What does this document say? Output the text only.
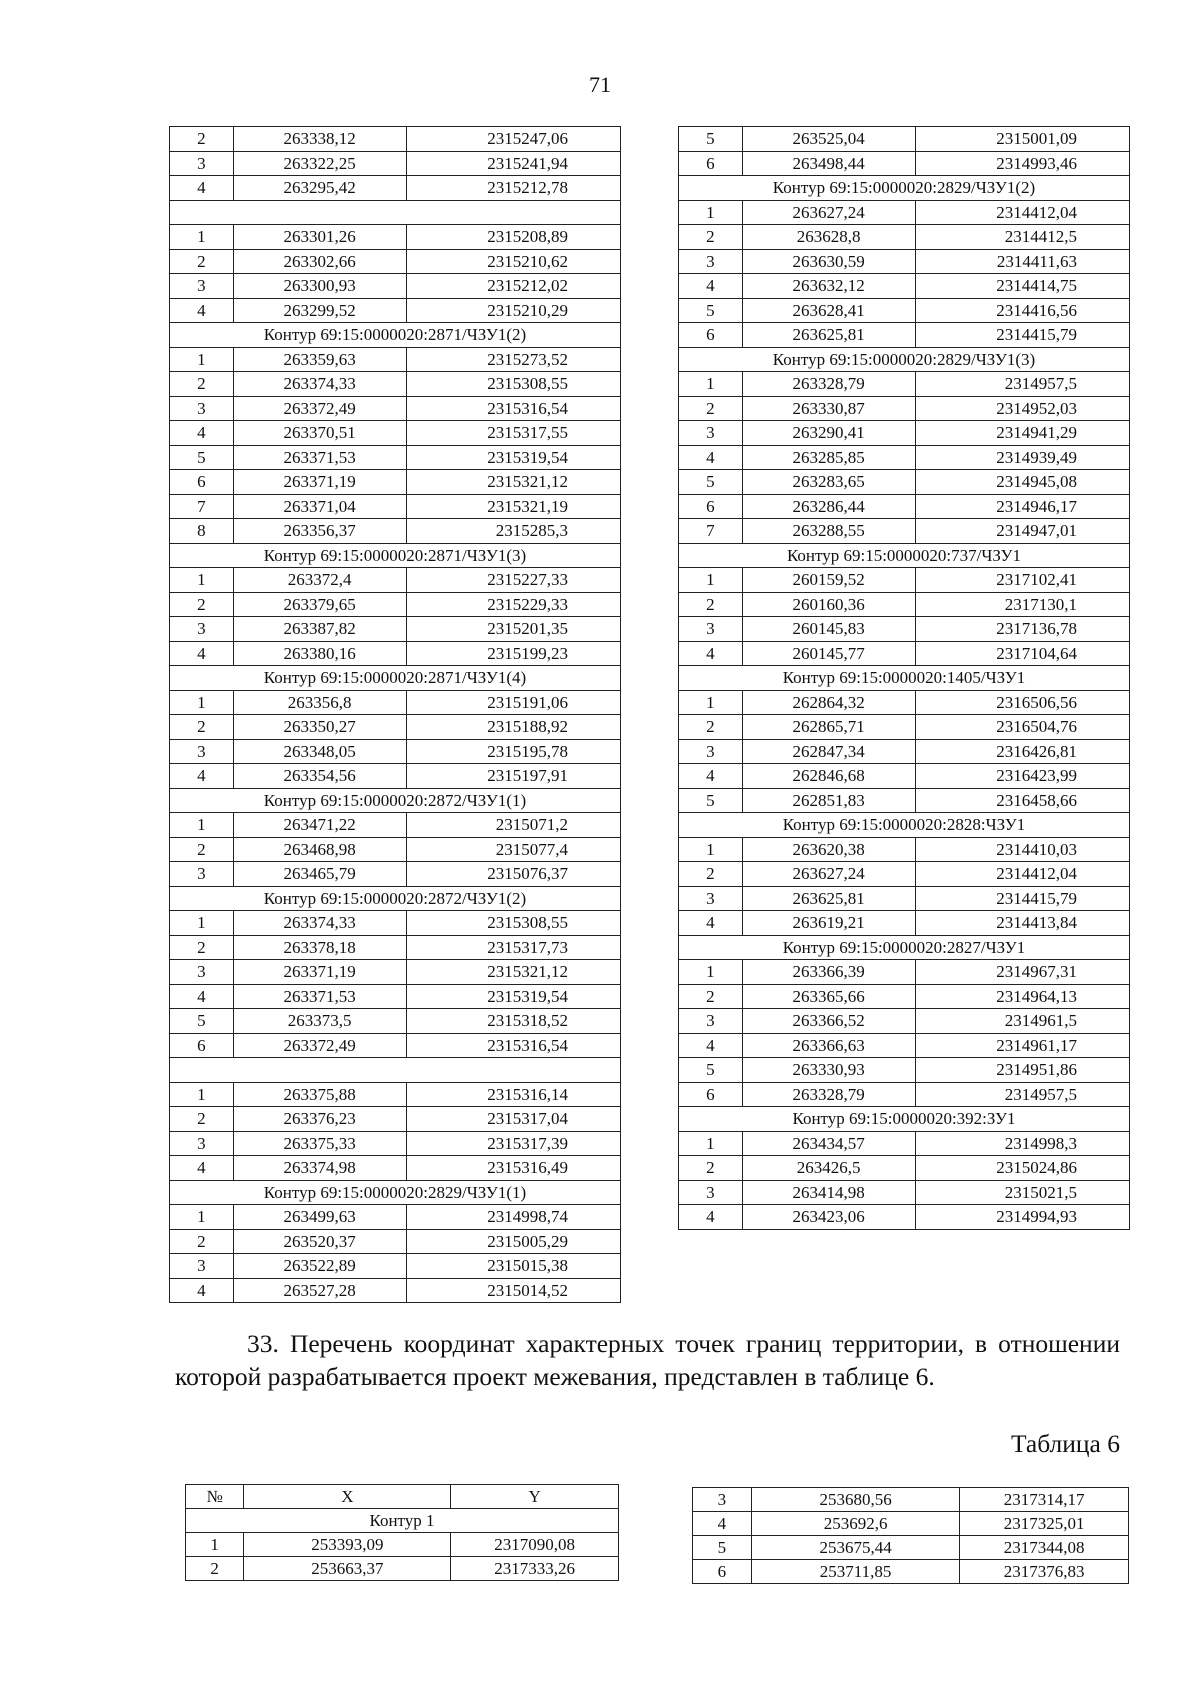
71
2	263338,12	2315247,06
3	263322,25	2315241,94
4	263295,42	2315212,78

1	263301,26	2315208,89
2	263302,66	2315210,62
3	263300,93	2315212,02
4	263299,52	2315210,29
Контур 69:15:0000020:2871/ЧЗУ1(2)		
1	263359,63	2315273,52
2	263374,33	2315308,55
3	263372,49	2315316,54
4	263370,51	2315317,55
5	263371,53	2315319,54
6	263371,19	2315321,12
7	263371,04	2315321,19
8	263356,37	2315285,3
Контур 69:15:0000020:2871/ЧЗУ1(3)		
1	263372,4	2315227,33
2	263379,65	2315229,33
3	263387,82	2315201,35
4	263380,16	2315199,23
Контур 69:15:0000020:2871/ЧЗУ1(4)		
1	263356,8	2315191,06
2	263350,27	2315188,92
3	263348,05	2315195,78
4	263354,56	2315197,91
Контур 69:15:0000020:2872/ЧЗУ1(1)		
1	263471,22	2315071,2
2	263468,98	2315077,4
3	263465,79	2315076,37
Контур 69:15:0000020:2872/ЧЗУ1(2)		
1	263374,33	2315308,55
2	263378,18	2315317,73
3	263371,19	2315321,12
4	263371,53	2315319,54
5	263373,5	2315318,52
6	263372,49	2315316,54

1	263375,88	2315316,14
2	263376,23	2315317,04
3	263375,33	2315317,39
4	263374,98	2315316,49
Контур 69:15:0000020:2829/ЧЗУ1(1)		
1	263499,63	2314998,74
2	263520,37	2315005,29
3	263522,89	2315015,38
4	263527,28	2315014,52
5	263525,04	2315001,09
6	263498,44	2314993,46
Контур 69:15:0000020:2829/ЧЗУ1(2)		
1	263627,24	2314412,04
2	263628,8	2314412,5
3	263630,59	2314411,63
4	263632,12	2314414,75
5	263628,41	2314416,56
6	263625,81	2314415,79
Контур 69:15:0000020:2829/ЧЗУ1(3)		
1	263328,79	2314957,5
2	263330,87	2314952,03
3	263290,41	2314941,29
4	263285,85	2314939,49
5	263283,65	2314945,08
6	263286,44	2314946,17
7	263288,55	2314947,01
Контур 69:15:0000020:737/ЧЗУ1		
1	260159,52	2317102,41
2	260160,36	2317130,1
3	260145,83	2317136,78
4	260145,77	2317104,64
Контур 69:15:0000020:1405/ЧЗУ1		
1	262864,32	2316506,56
2	262865,71	2316504,76
3	262847,34	2316426,81
4	262846,68	2316423,99
5	262851,83	2316458,66
Контур 69:15:0000020:2828:ЧЗУ1		
1	263620,38	2314410,03
2	263627,24	2314412,04
3	263625,81	2314415,79
4	263619,21	2314413,84
Контур 69:15:0000020:2827/ЧЗУ1		
1	263366,39	2314967,31
2	263365,66	2314964,13
3	263366,52	2314961,5
4	263366,63	2314961,17
5	263330,93	2314951,86
6	263328,79	2314957,5
Контур 69:15:0000020:392:ЗУ1		
1	263434,57	2314998,3
2	263426,5	2315024,86
3	263414,98	2315021,5
4	263423,06	2314994,93
33. Перечень координат характерных точек границ территории, в отношении которой разрабатывается проект межевания, представлен в таблице 6.
Таблица 6
№	X	Y
Контур 1		
1	253393,09	2317090,08
2	253663,37	2317333,26
3	253680,56	2317314,17
4	253692,6	2317325,01
5	253675,44	2317344,08
6	253711,85	2317376,83
